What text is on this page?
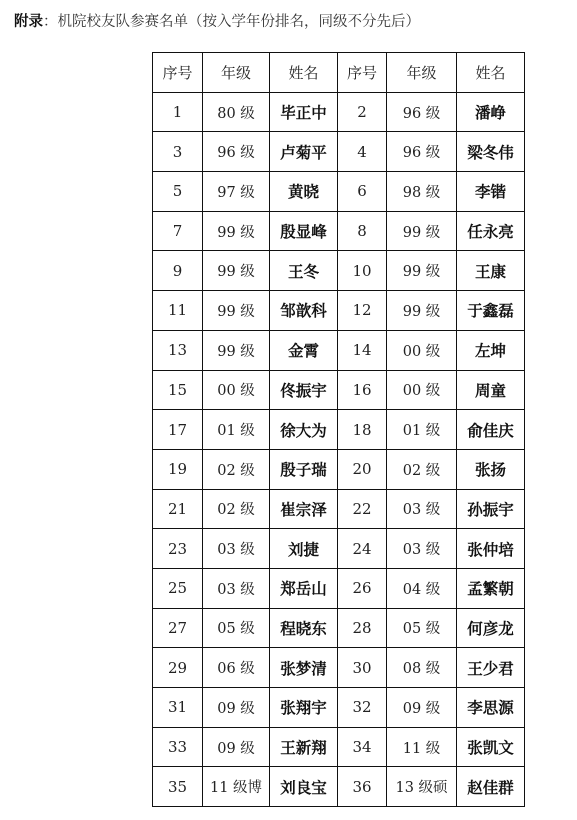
附录：机院校友队参赛名单（按入学年份排名，同级不分先后）
序号	年级	姓名	序号	年级	姓名
1	80 级	毕正中	2	96 级	潘峥
3	96 级	卢菊平	4	96 级	梁冬伟
5	97 级	黄晓	6	98 级	李锴
7	99 级	殷显峰	8	99 级	任永亮
9	99 级	王冬	10	99 级	王康
11	99 级	邹歆科	12	99 级	于鑫磊
13	99 级	金霄	14	00 级	左坤
15	00 级	佟振宇	16	00 级	周童
17	01 级	徐大为	18	01 级	俞佳庆
19	02 级	殷子瑞	20	02 级	张扬
21	02 级	崔宗泽	22	03 级	孙振宇
23	03 级	刘捷	24	03 级	张仲培
25	03 级	郑岳山	26	04 级	孟繁朝
27	05 级	程晓东	28	05 级	何彦龙
29	06 级	张梦清	30	08 级	王少君
31	09 级	张翔宇	32	09 级	李思源
33	09 级	王新翔	34	11 级	张凯文
35	11 级博	刘良宝	36	13 级硕	赵佳群
